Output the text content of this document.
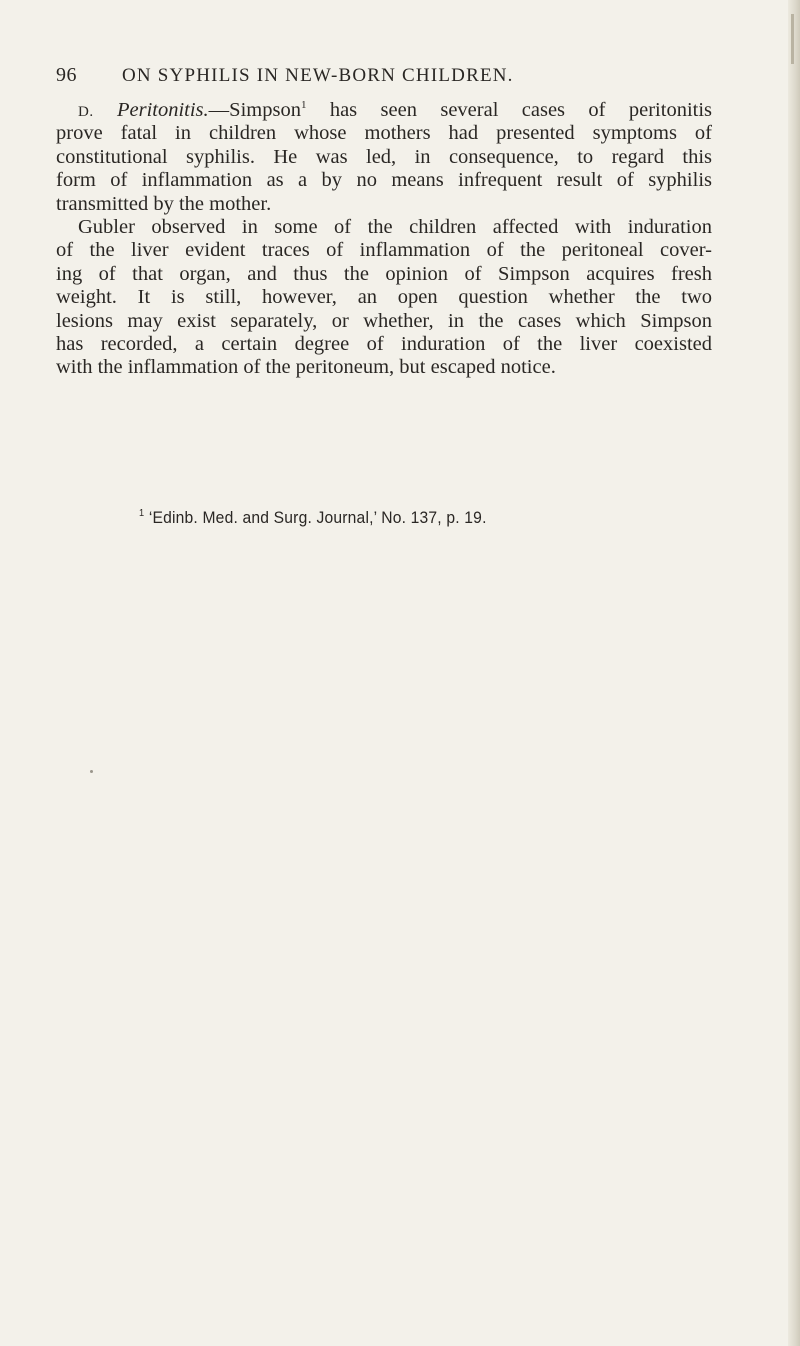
96 ON SYPHILIS IN NEW-BORN CHILDREN.
D. Peritonitis.—Simpson$^1$ has seen several cases of peritonitis
prove fatal in children whose mothers had presented symptoms of
constitutional syphilis. He was led, in consequence, to regard this
form of inflammation as a by no means infrequent result of syphilis
transmitted by the mother.
Gubler observed in some of the children affected with induration
of the liver evident traces of inflammation of the peritoneal cover-
ing of that organ, and thus the opinion of Simpson acquires fresh
weight. It is still, however, an open question whether the two
lesions may exist separately, or whether, in the cases which Simpson
has recorded, a certain degree of induration of the liver coexisted
with the inflammation of the peritoneum, but escaped notice.
$^1$ ‘Edinb. Med. and Surg. Journal,’ No. 137, p. 19.
